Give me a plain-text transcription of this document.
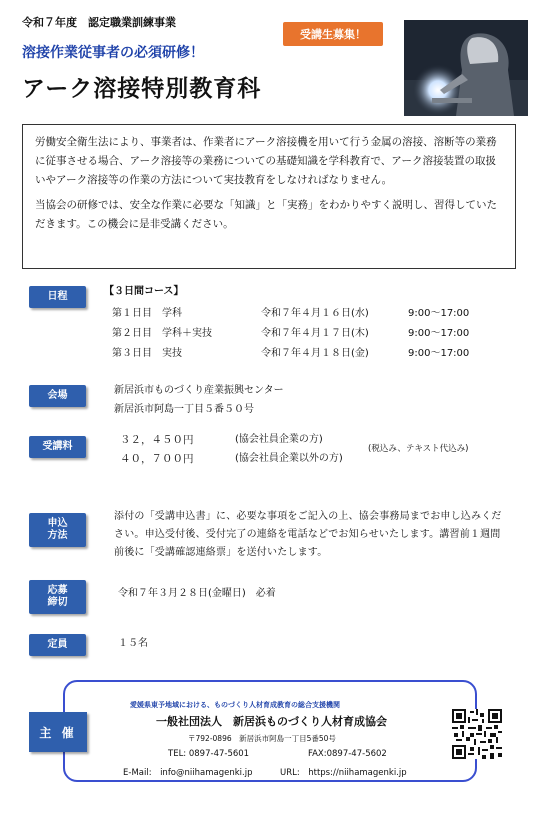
令和７年度　認定職業訓練事業
溶接作業従事者の必須研修！
アーク溶接特別教育科
受講生募集！

労働安全衛生法により、事業者は、作業者にアーク溶接機を用いて行う金属の溶接、溶断等の業務に従事させる場合、アーク溶接等の業務についての基礎知識を学科教育で、アーク溶接装置の取扱いやアーク溶接等の作業の方法について実技教育をしなければなりません。

当協会の研修では、安全な作業に必要な「知識」と「実務」をわかりやすく説明し、習得していただきます。この機会に是非受講ください。

日程	【３日間コース】
第１日目	学科	令和７年４月１６日(水)	9:00～17:00
第２日目	学科＋実技	令和７年４月１７日(木)	9:00～17:00
第３日目	実技	令和７年４月１８日(金)	9:00～17:00
会場	新居浜市ものづくり産業振興センター
新居浜市阿島一丁目５番５０号
受講料
３２，４５０円	(協会社員企業の方)
４０，７００円	(協会社員企業以外の方)
(税込み、テキスト代込み)
申込方法
添付の「受講申込書」に、必要な事項をご記入の上、協会事務局までお申し込みください。申込受付後、受付完了の連絡を電話などでお知らせいたします。講習前１週間前後に「受講確認連絡票」を送付いたします。
応募締切
令和７年３月２８日(金曜日)　必着
定員	１５名
主 催
愛媛県東予地域における、ものづくり人材育成教育の総合支援機関
一般社団法人　新居浜ものづくり人材育成協会
〒792-0896　新居浜市阿島一丁目5番50号
TEL: 0897-47-5601	FAX:0897-47-5602
E-Mail:　info@niihamagenki.jp	URL:　https://niihamagenki.jp
